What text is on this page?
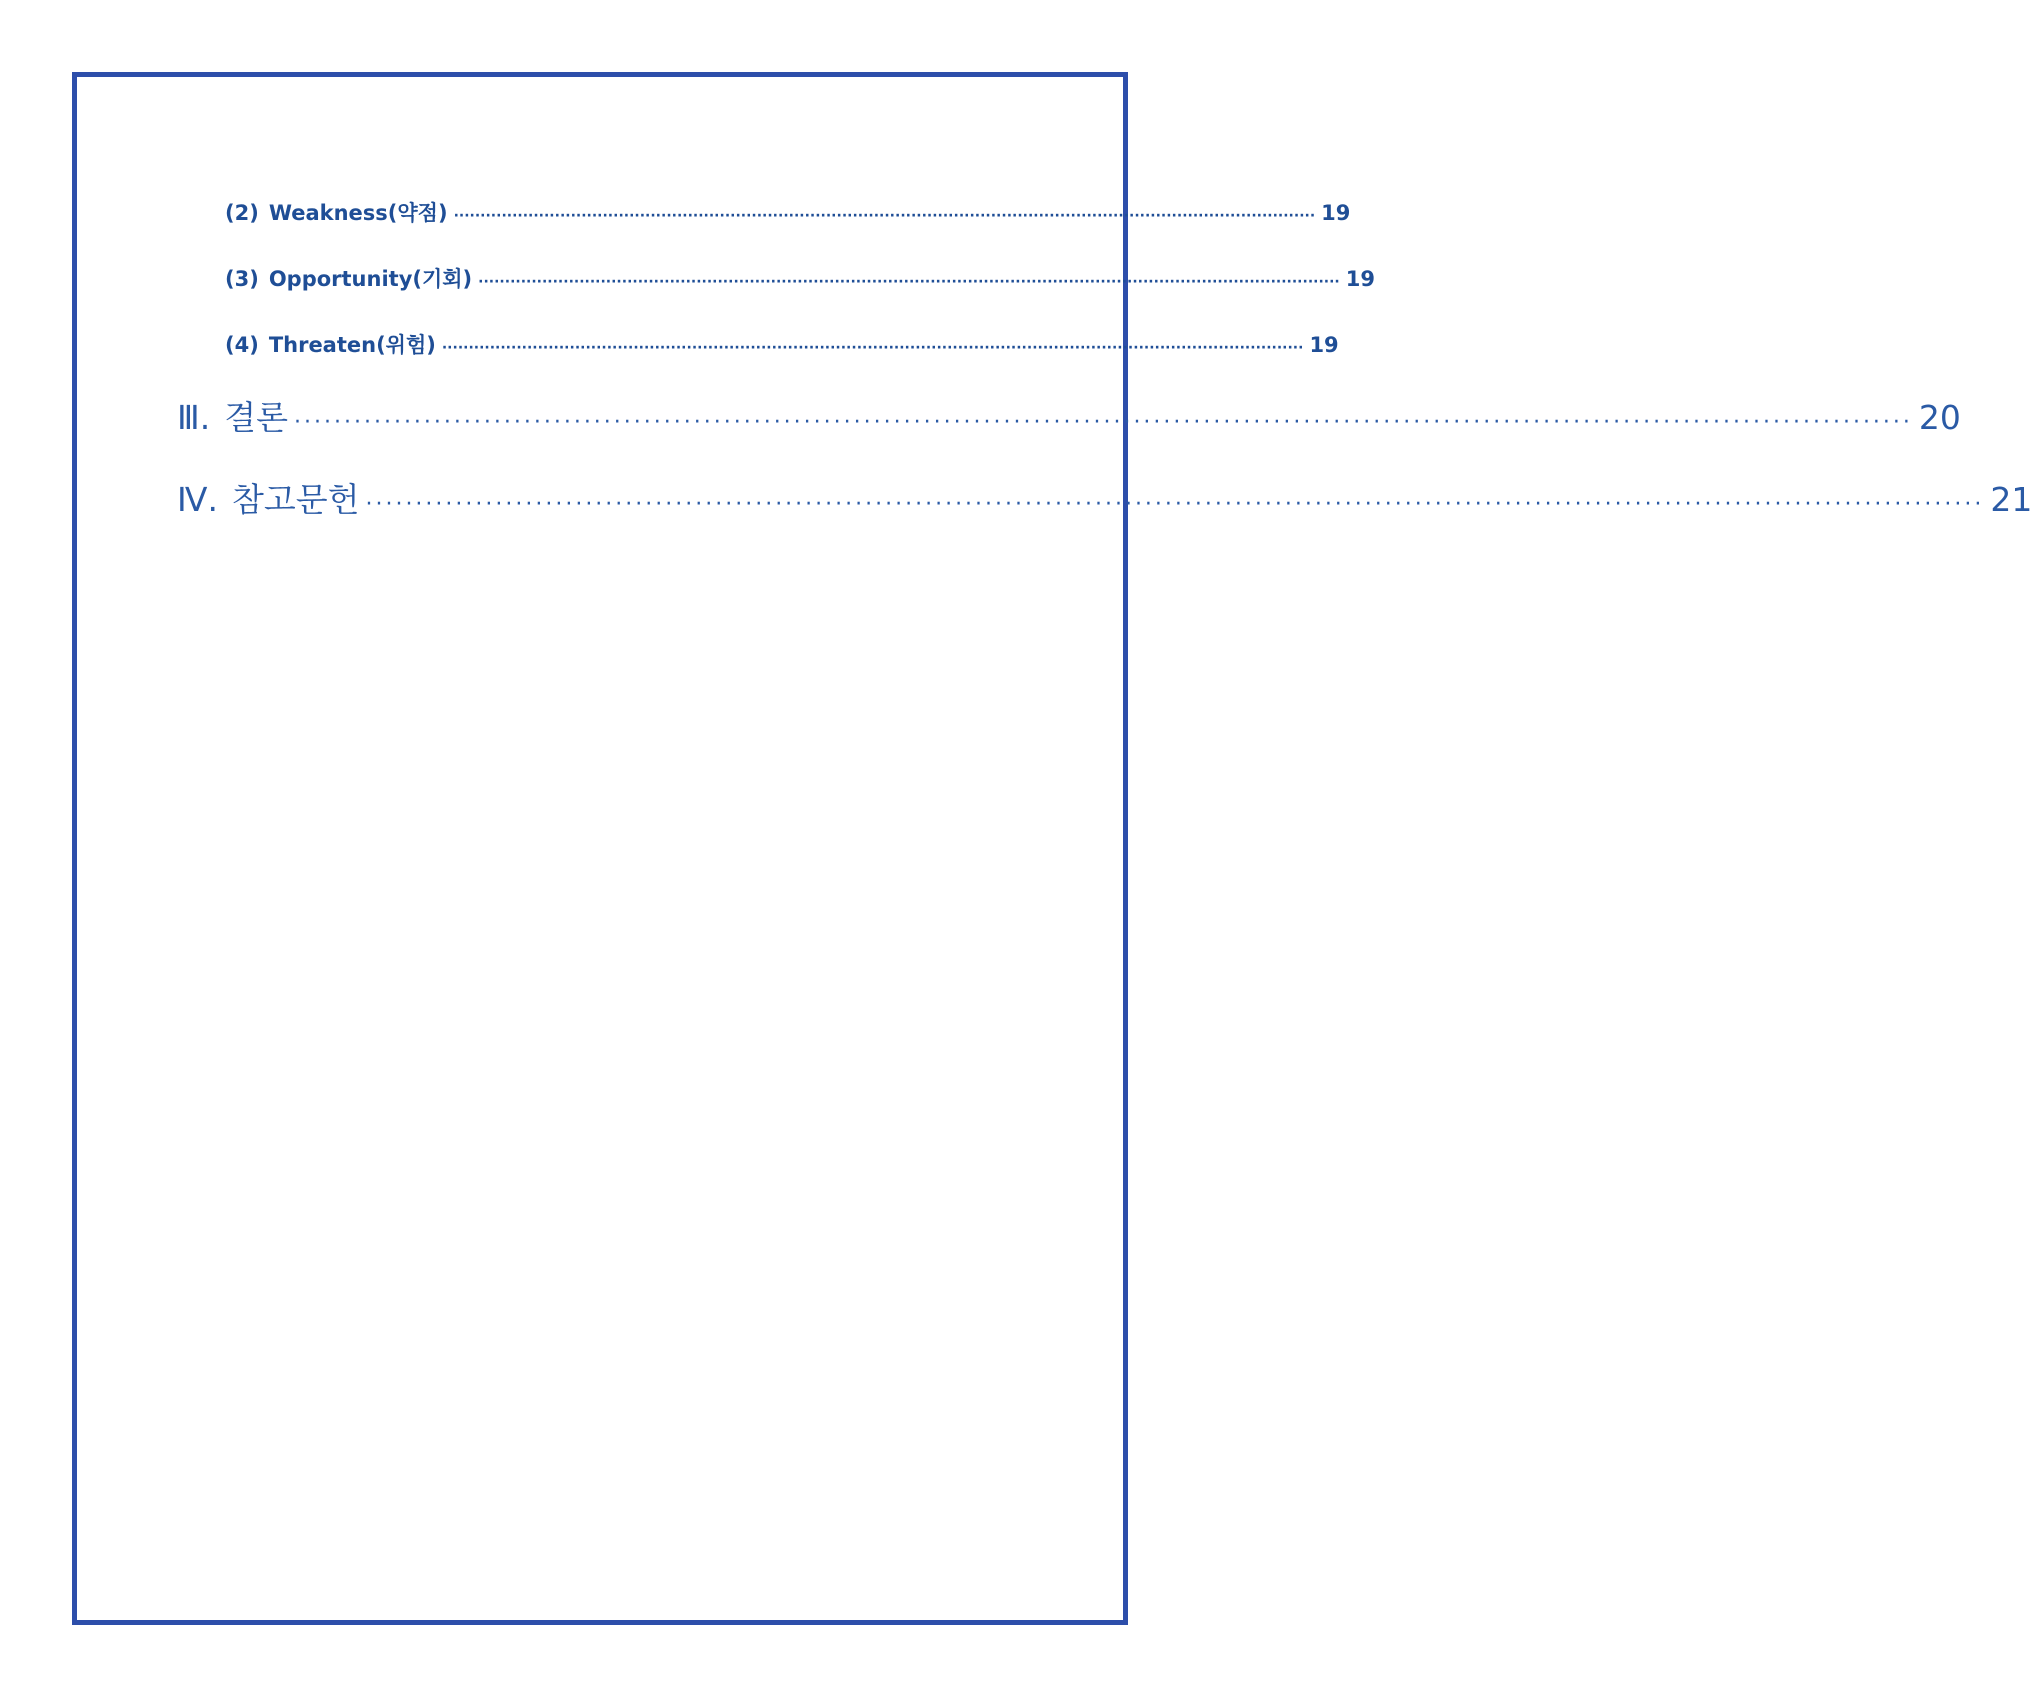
(2) Weakness(약점) ·································································································································································· 19
(3) Opportunity(기회) ·································································································································································· 19
(4) Threaten(위험) ·································································································································································· 19
Ⅲ. 결론 ·································································································································································· 20
Ⅳ. 참고문헌 ·································································································································································· 21
